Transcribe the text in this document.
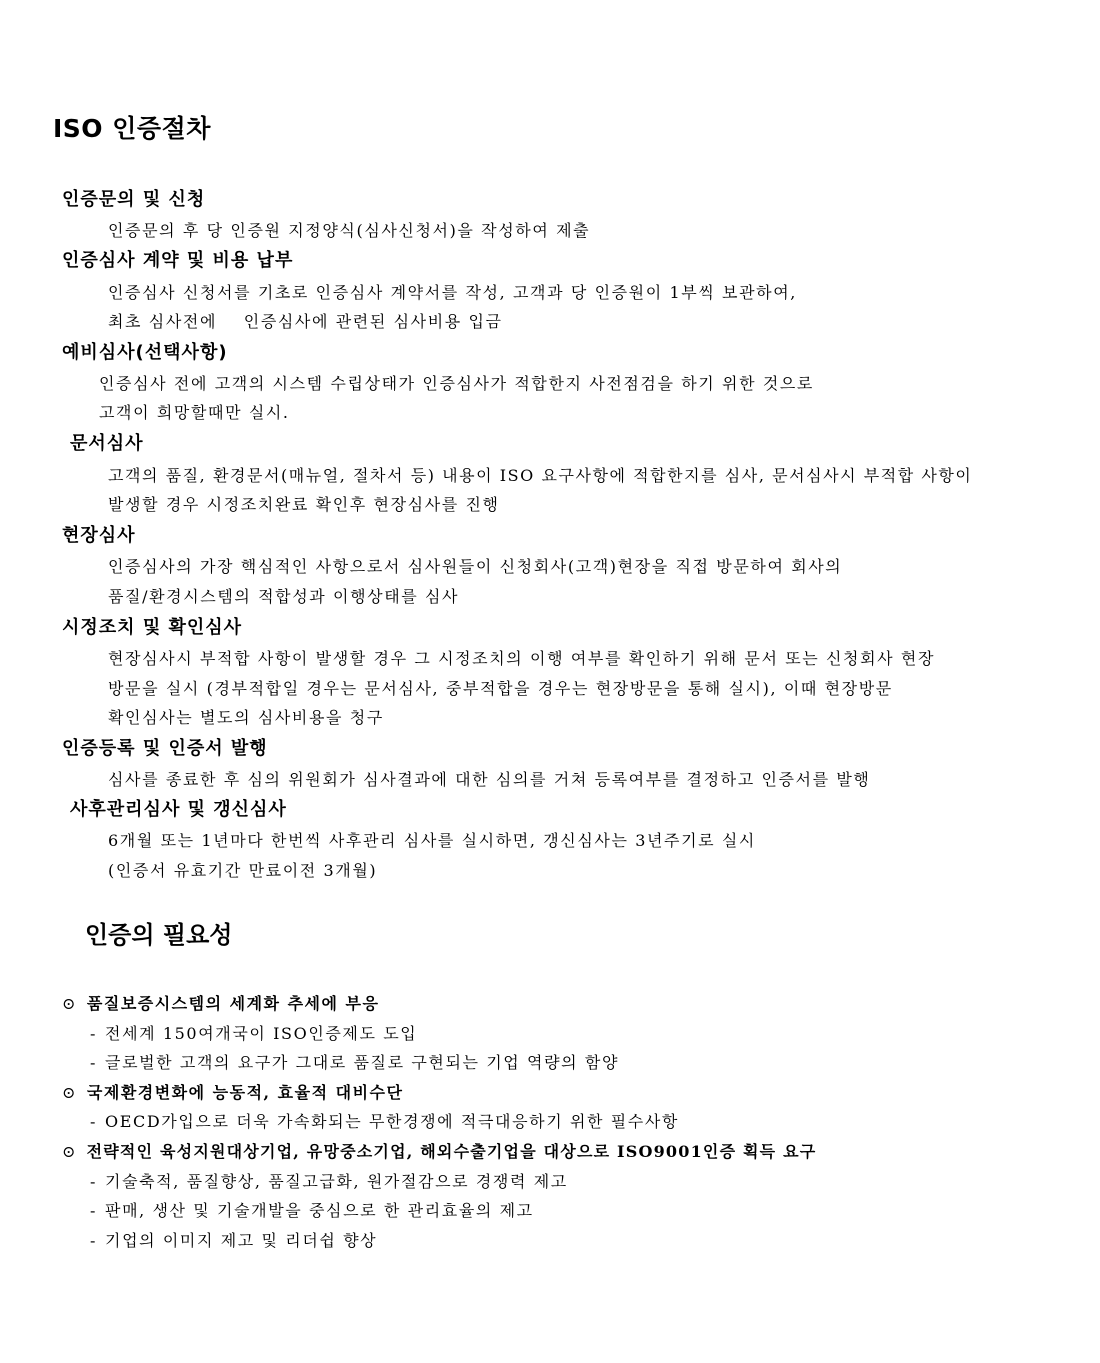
ISO 인증절차
인증문의 및 신청
인증문의 후 당 인증원 지정양식(심사신청서)을 작성하여 제출
인증심사 계약 및 비용 납부
인증심사 신청서를 기초로 인증심사 계약서를 작성, 고객과 당 인증원이 1부씩 보관하여,
최초 심사전에    인증심사에 관련된 심사비용 입금
예비심사(선택사항)
인증심사 전에 고객의 시스템 수립상태가 인증심사가 적합한지 사전점검을 하기 위한 것으로
고객이 희망할때만 실시.
문서심사
고객의 품질, 환경문서(매뉴얼, 절차서 등) 내용이 ISO 요구사항에 적합한지를 심사, 문서심사시 부적합 사항이
발생할 경우 시정조치완료 확인후 현장심사를 진행
현장심사
인증심사의 가장 핵심적인 사항으로서 심사원들이 신청회사(고객)현장을 직접 방문하여 회사의
품질/환경시스템의 적합성과 이행상태를 심사
시정조치 및 확인심사
현장심사시 부적합 사항이 발생할 경우 그 시정조치의 이행 여부를 확인하기 위해 문서 또는 신청회사 현장
방문을 실시 (경부적합일 경우는 문서심사, 중부적합을 경우는 현장방문을 통해 실시), 이때 현장방문
확인심사는 별도의 심사비용을 청구
인증등록 및 인증서 발행
심사를 종료한 후 심의 위원회가 심사결과에 대한 심의를 거쳐 등록여부를 결정하고 인증서를 발행
사후관리심사 및 갱신심사
6개월 또는 1년마다 한번씩 사후관리 심사를 실시하면, 갱신심사는 3년주기로 실시
(인증서 유효기간 만료이전 3개월)
인증의 필요성
⊙ 품질보증시스템의 세계화 추세에 부응
- 전세계 150여개국이 ISO인증제도 도입
- 글로벌한 고객의 요구가 그대로 품질로 구현되는 기업 역량의 함양
⊙ 국제환경변화에 능동적, 효율적 대비수단
- OECD가입으로 더욱 가속화되는 무한경쟁에 적극대응하기 위한 필수사항
⊙ 전략적인 육성지원대상기업, 유망중소기업, 해외수출기업을 대상으로 ISO9001인증 획득 요구
- 기술축적, 품질향상, 품질고급화, 원가절감으로 경쟁력 제고
- 판매, 생산 및 기술개발을 중심으로 한 관리효율의 제고
- 기업의 이미지 제고 및 리더쉽 향상
